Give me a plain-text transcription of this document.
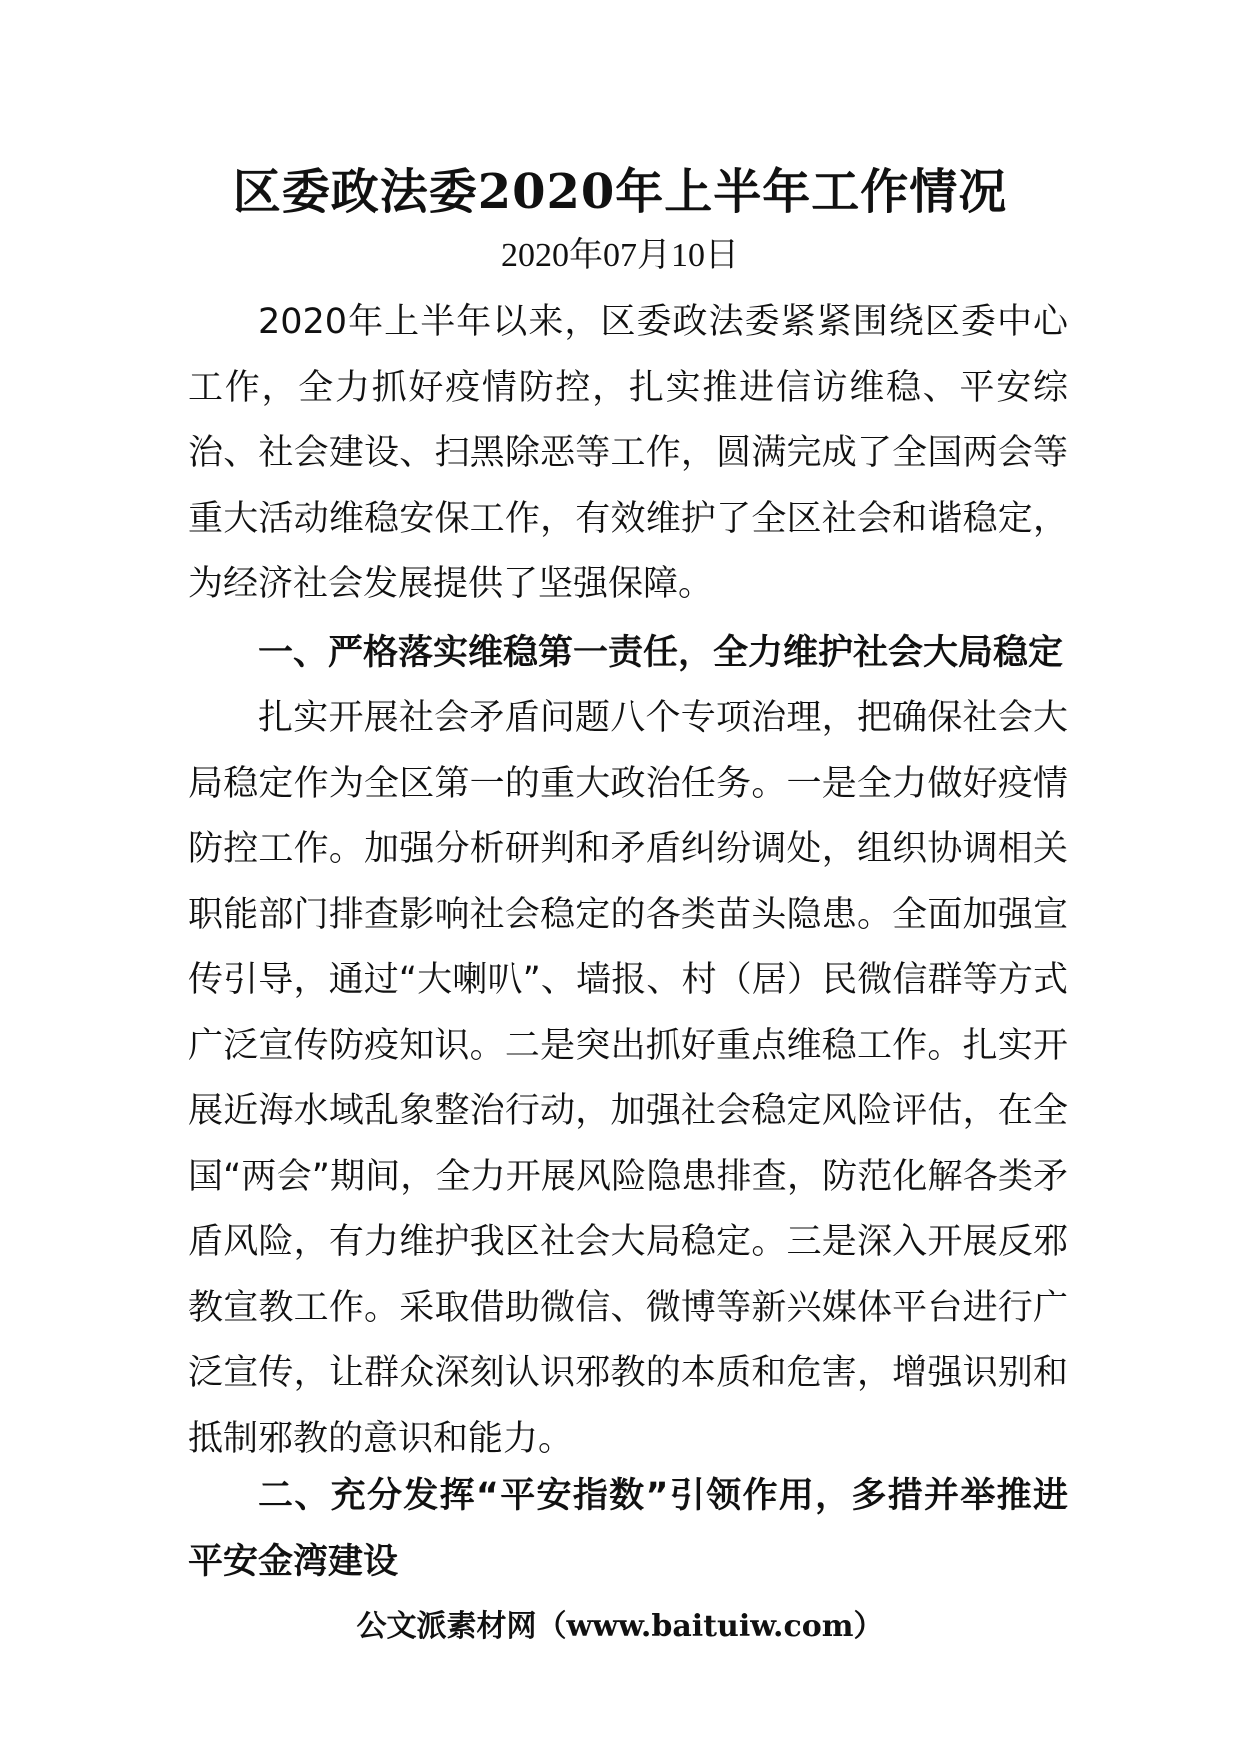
区委政法委2020年上半年工作情况
2020年07月10日

2020年上半年以来，区委政法委紧紧围绕区委中心工作，全力抓好疫情防控，扎实推进信访维稳、平安综治、社会建设、扫黑除恶等工作，圆满完成了全国两会等重大活动维稳安保工作，有效维护了全区社会和谐稳定，为经济社会发展提供了坚强保障。

一、严格落实维稳第一责任，全力维护社会大局稳定

扎实开展社会矛盾问题八个专项治理，把确保社会大局稳定作为全区第一的重大政治任务。一是全力做好疫情防控工作。加强分析研判和矛盾纠纷调处，组织协调相关职能部门排查影响社会稳定的各类苗头隐患。全面加强宣传引导，通过“大喇叭”、墙报、村（居）民微信群等方式广泛宣传防疫知识。二是突出抓好重点维稳工作。扎实开展近海水域乱象整治行动，加强社会稳定风险评估，在全国“两会”期间，全力开展风险隐患排查，防范化解各类矛盾风险，有力维护我区社会大局稳定。三是深入开展反邪教宣教工作。采取借助微信、微博等新兴媒体平台进行广泛宣传，让群众深刻认识邪教的本质和危害，增强识别和抵制邪教的意识和能力。

二、充分发挥“平安指数”引领作用，多措并举推进平安金湾建设
公文派素材网（www.baituiw.com）
